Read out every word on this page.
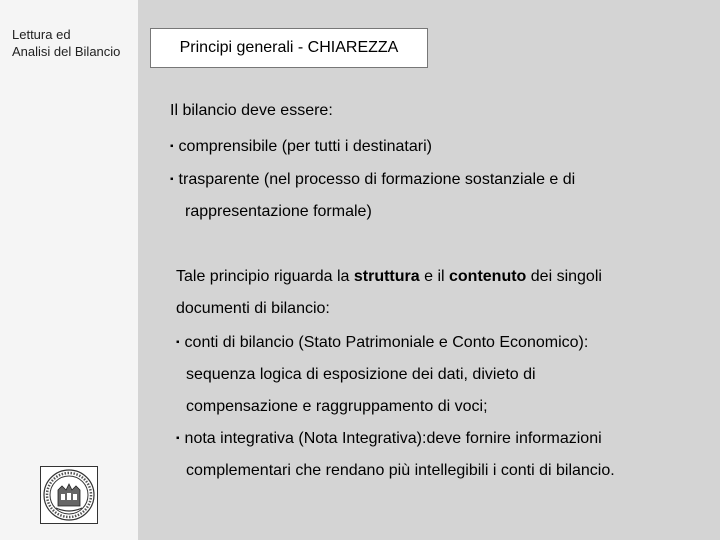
Lettura ed
Analisi del Bilancio	Principi generali - CHIAREZZA
Il bilancio deve essere:
▪ comprensibile (per tutti i destinatari)
▪ trasparente (nel processo di formazione sostanziale e di
rappresentazione formale)
Tale principio riguarda la struttura e il contenuto dei singoli
documenti di bilancio:
▪ conti di bilancio (Stato Patrimoniale e Conto Economico):
sequenza logica di esposizione dei dati, divieto di
compensazione e raggruppamento di voci;
▪ nota integrativa (Nota Integrativa):deve fornire informazioni
complementari che rendano più intellegibili i conti di bilancio.
